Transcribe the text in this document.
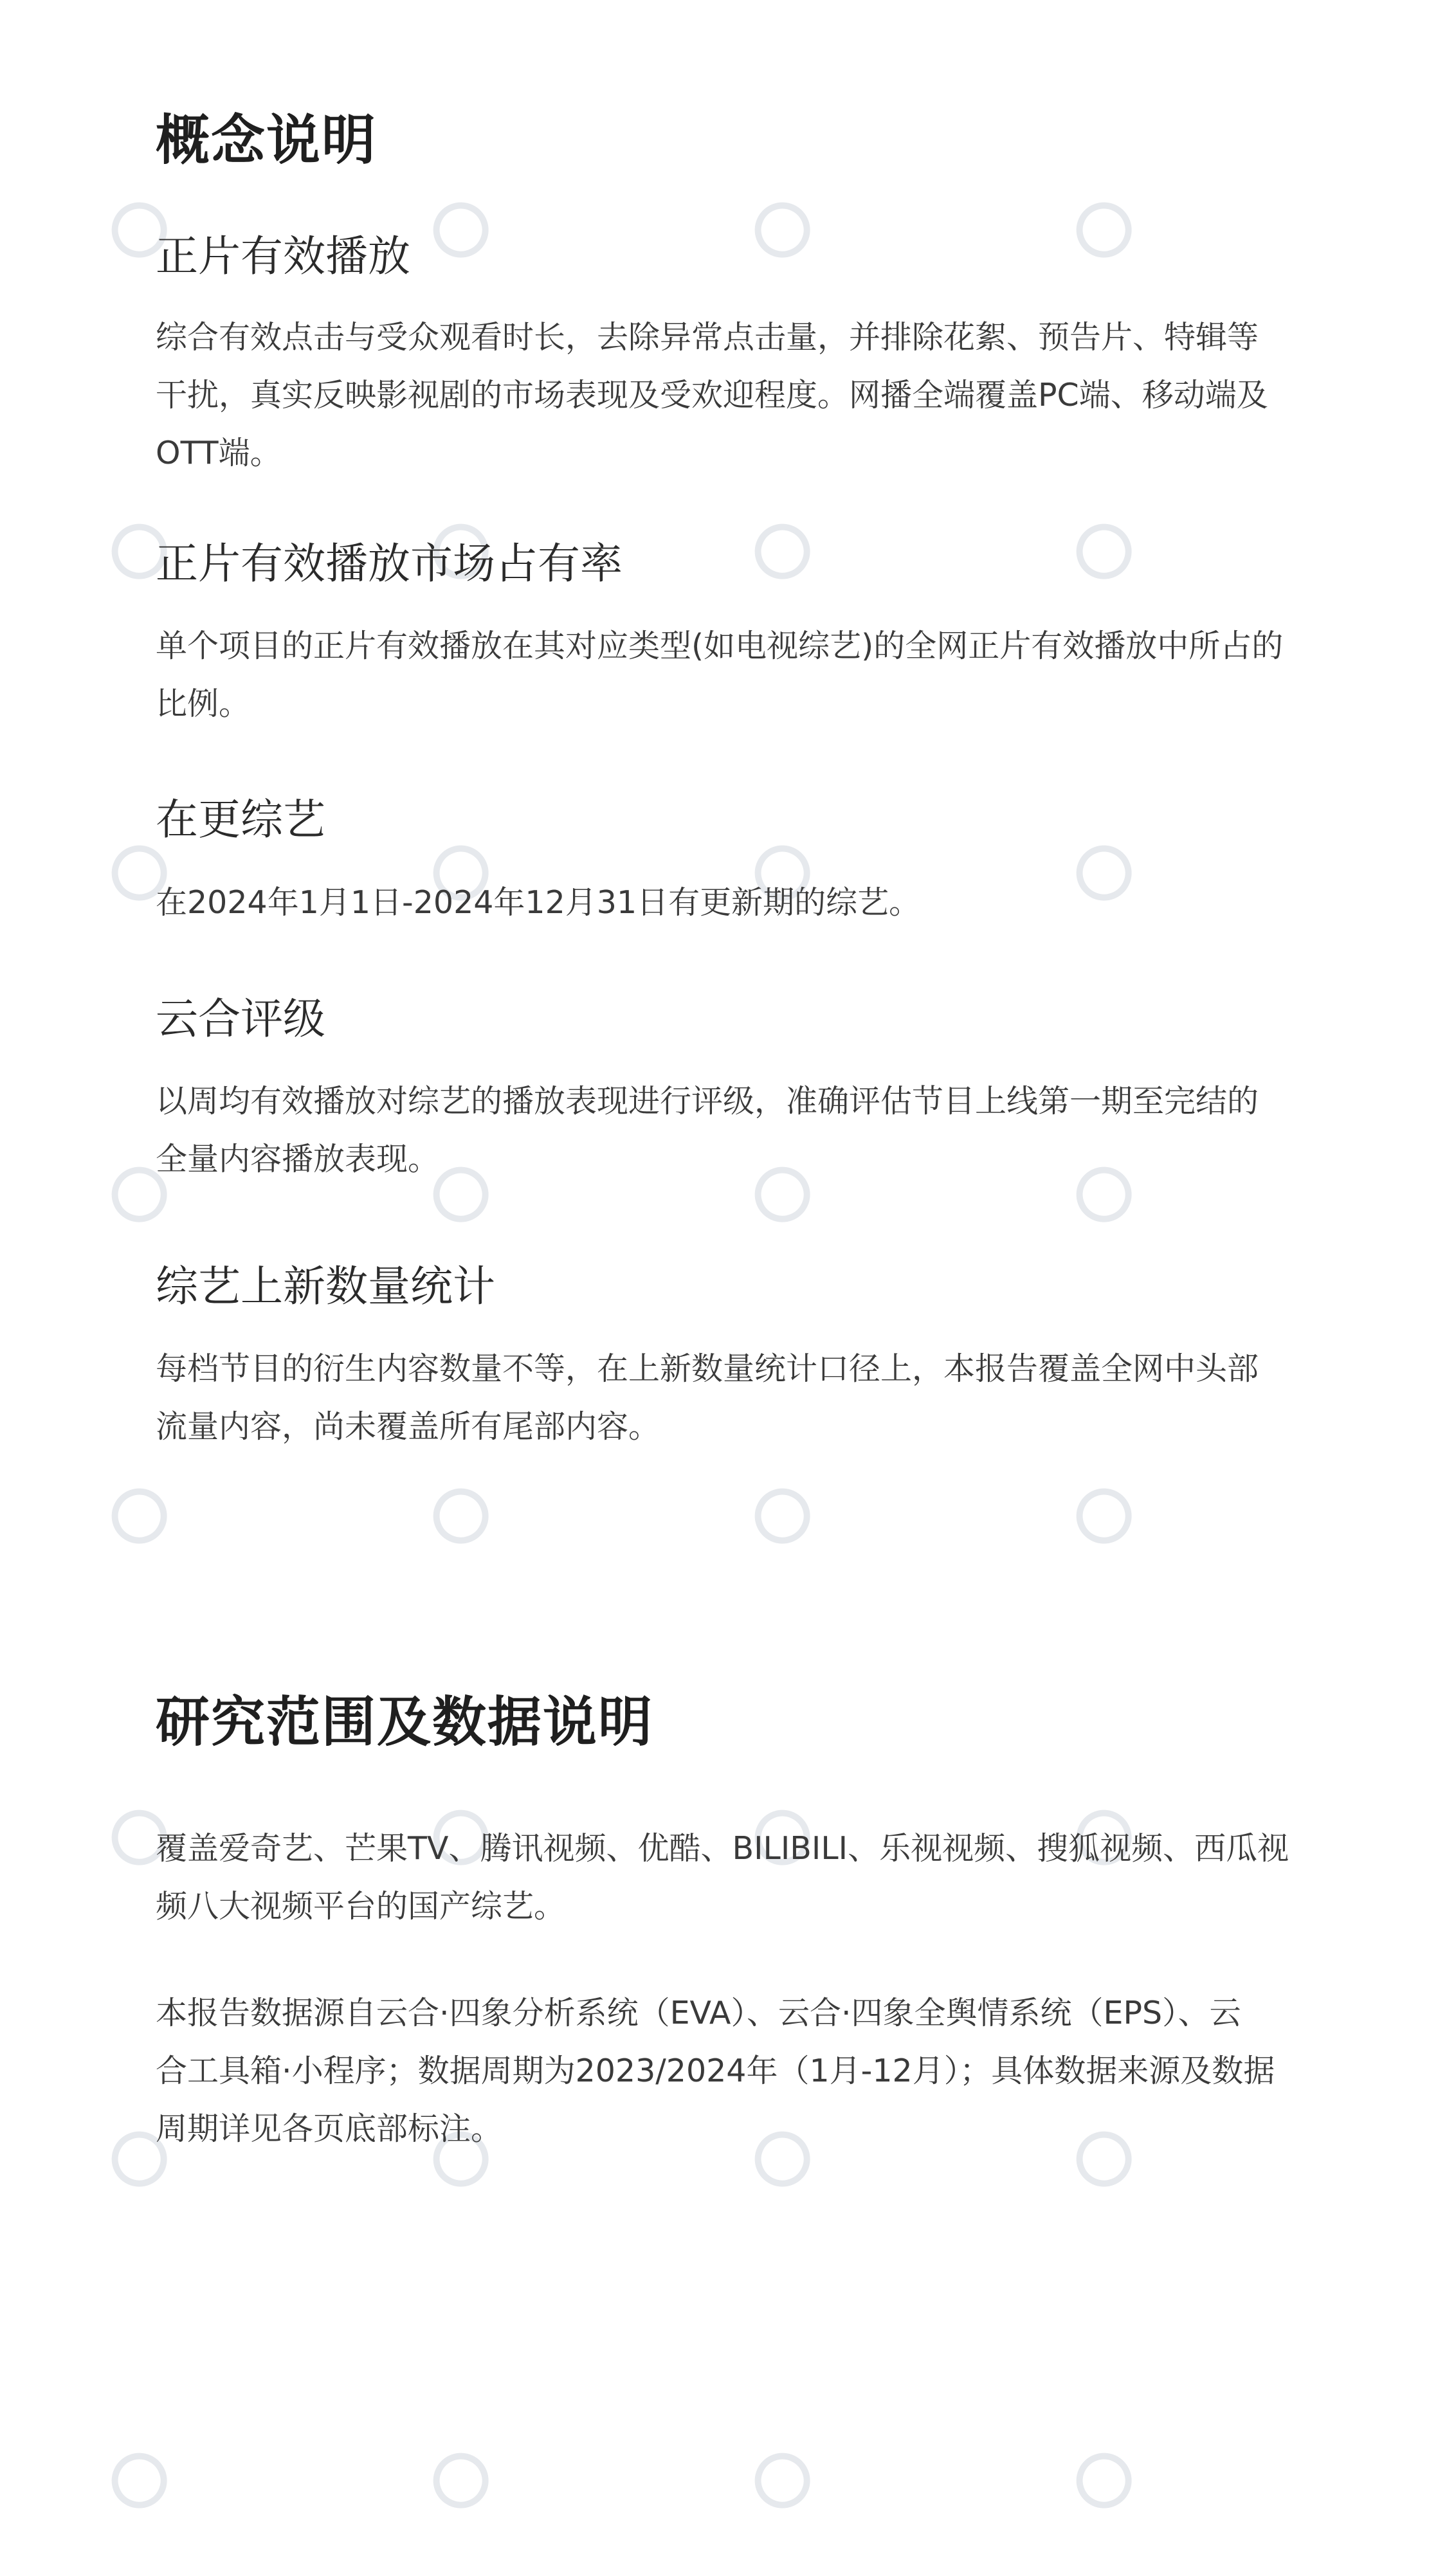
概念说明
正片有效播放

综合有效点击与受众观看时长，去除异常点击量，并排除花絮、预告片、特辑等
干扰，真实反映影视剧的市场表现及受欢迎程度。网播全端覆盖PC端、移动端及
OTT端。

正片有效播放市场占有率

单个项目的正片有效播放在其对应类型(如电视综艺)的全网正片有效播放中所占的
比例。

在更综艺

在2024年1月1日-2024年12月31日有更新期的综艺。

云合评级

以周均有效播放对综艺的播放表现进行评级，准确评估节目上线第一期至完结的
全量内容播放表现。

综艺上新数量统计

每档节目的衍生内容数量不等，在上新数量统计口径上，本报告覆盖全网中头部
流量内容，尚未覆盖所有尾部内容。

研究范围及数据说明

覆盖爱奇艺、芒果TV、腾讯视频、优酷、BILIBILI、乐视视频、搜狐视频、西瓜视
频八大视频平台的国产综艺。

本报告数据源自云合·四象分析系统（EVA）、云合·四象全舆情系统（EPS）、云
合工具箱·小程序；数据周期为2023/2024年（1月-12月）；具体数据来源及数据
周期详见各页底部标注。
